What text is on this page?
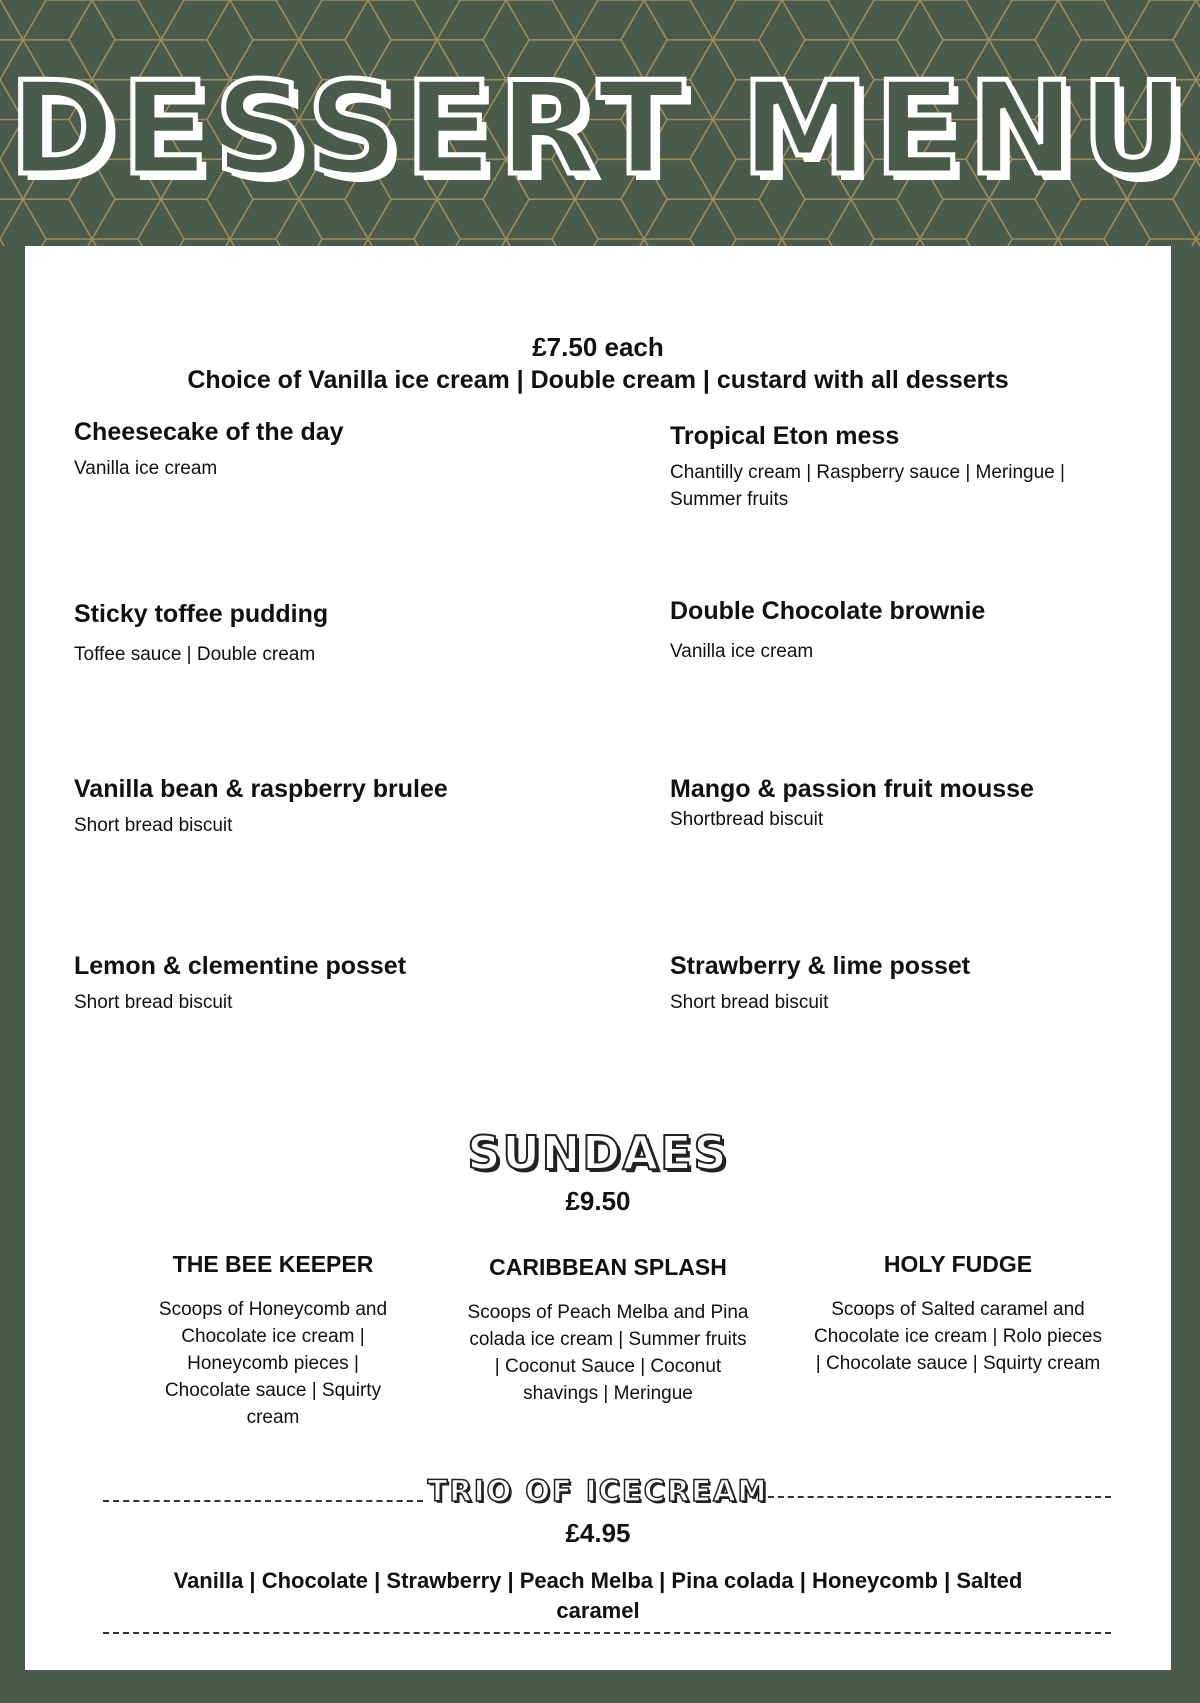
DESSERT MENU
£7.50 each
Choice of Vanilla ice cream | Double cream | custard with all desserts
Cheesecake of the day
Vanilla ice cream
Tropical Eton mess
Chantilly cream | Raspberry sauce | Meringue | Summer fruits
Sticky toffee pudding
Toffee sauce | Double cream
Double Chocolate brownie
Vanilla ice cream
Vanilla bean & raspberry brulee
Short bread biscuit
Mango & passion fruit mousse
Shortbread biscuit
Lemon & clementine posset
Short bread biscuit
Strawberry & lime posset
Short bread biscuit
SUNDAES
£9.50
THE BEE KEEPER
Scoops of Honeycomb and Chocolate ice cream | Honeycomb pieces | Chocolate sauce | Squirty cream
CARIBBEAN SPLASH
Scoops of Peach Melba and Pina colada ice cream | Summer fruits | Coconut Sauce | Coconut shavings | Meringue
HOLY FUDGE
Scoops of Salted caramel and Chocolate ice cream | Rolo pieces | Chocolate sauce | Squirty cream
TRIO OF ICECREAM
£4.95
Vanilla | Chocolate | Strawberry | Peach Melba | Pina colada | Honeycomb | Salted caramel
